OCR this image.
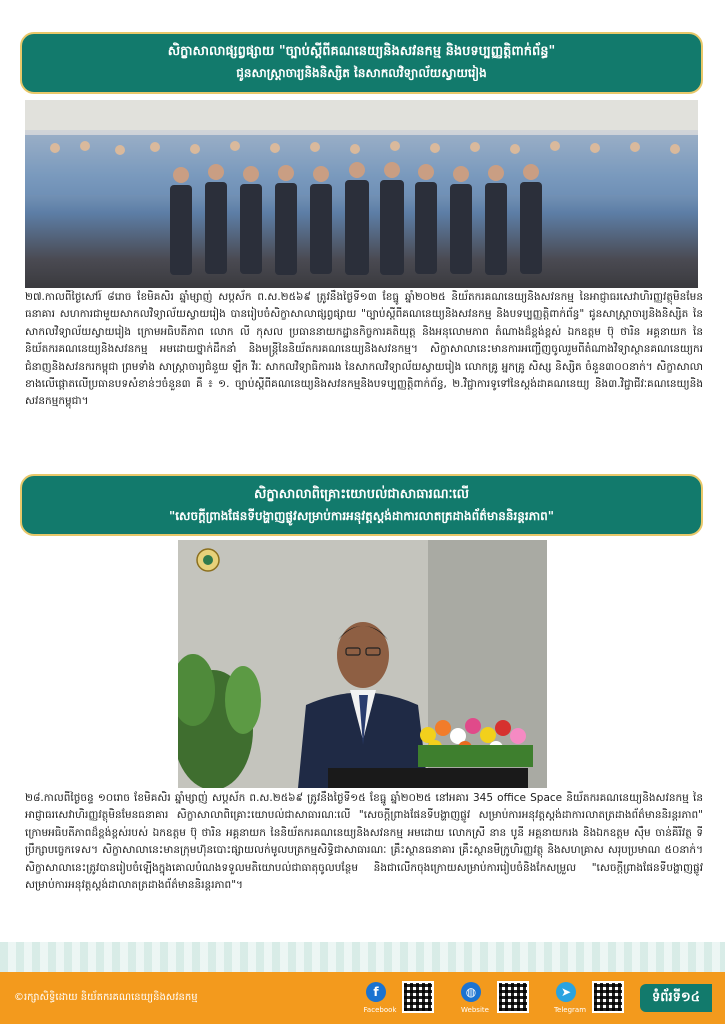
សិក្ខាសាលាផ្សព្វផ្សាយ "ច្បាប់ស្តីពីគណនេយ្យនិងសវនកម្ម និងបទប្បញ្ញត្តិពាក់ព័ន្ធ"
ជូនសាស្ត្រាចារ្យនិងនិស្សិត នៃសាកលវិទ្យាល័យស្វាយរៀង

២៧.កាលពីថ្ងៃសៅរ៍ ៨រោច ខែមិគសិរ ឆ្នាំម្សាញ់ សប្តស័ក ព.ស.២៥៦៩ ត្រូវនឹងថ្ងៃទី១៣ ខែធ្នូ ឆ្នាំ២០២៥ និយ័តករគណនេយ្យនិងសវនកម្ម នៃអាជ្ញាធរសេវាហិរញ្ញវត្ថុមិនមែនធនាគារ សហការជាមួយសាកលវិទ្យាល័យស្វាយរៀង បានរៀបចំសិក្ខាសាលាផ្សព្វផ្សាយ "ច្បាប់ស្តីពីគណនេយ្យនិងសវនកម្ម និងបទប្បញ្ញត្តិពាក់ព័ន្ធ" ជូនសាស្ត្រាចារ្យនិងនិស្សិត នៃសាកលវិទ្យាល័យស្វាយរៀង ក្រោមអធិបតីភាព លោក លី កុសល ប្រធាននាយកដ្ឋានកិច្ចការគតិយុត្ត និងអនុលោមភាព តំណាងដ៏ខ្ពង់ខ្ពស់ ឯកឧត្តម ប៊ុ ថារិន អគ្គនាយក នៃនិយ័តករគណនេយ្យនិងសវនកម្ម អមដោយថ្នាក់ដឹកនាំ និងមន្ត្រីនៃនិយ័តករគណនេយ្យនិងសវនកម្ម។ សិក្ខាសាលានេះមានការអញ្ជើញចូលរួមពីតំណាងវិទ្យាស្ថានគណនេយ្យករជំនាញនិងសវនករកម្ពុជា ព្រមទាំង សាស្ត្រាចារ្យជំនួយ ឡឹក វីរៈ សាកលវិទ្យាធិការរង នៃសាកលវិទ្យាល័យស្វាយរៀង លោកគ្រូ អ្នកគ្រូ សិស្ស និស្សិត ចំនួន៣០០នាក់។ សិក្ខាសាលាខាងលើផ្តោតលើប្រធានបទសំខាន់ៗចំនួន៣ គឺ ៖ ១. ច្បាប់ស្តីពីគណនេយ្យនិងសវនកម្មនិងបទប្បញ្ញត្តិពាក់ព័ន្ធ, ២.វិជ្ជាការទូទៅនៃស្តង់ដាគណនេយ្យ និង៣.វិជ្ជាជីវៈគណនេយ្យនិងសវនកម្មកម្ពុជា។

សិក្ខាសាលាពិគ្រោះយោបល់ជាសាធារណៈលើ
"សេចក្តីព្រាងផែនទីបង្ហាញផ្លូវសម្រាប់ការអនុវត្តស្តង់ដាការលាតត្រដាងព័ត៌មាននិរន្តរភាព"

២៨.កាលពីថ្ងៃចន្ទ ១០រោច ខែមិគសិរ ឆ្នាំម្សាញ់ សប្តស័ក ព.ស.២៥៦៩ ត្រូវនឹងថ្ងៃទី១៥ ខែធ្នូ ឆ្នាំ២០២៥ នៅអគារ 345 office Space និយ័តករគណនេយ្យនិងសវនកម្ម នៃអាជ្ញាធរសេវាហិរញ្ញវត្ថុមិនមែនធនាគារ សិក្ខាសាលាពិគ្រោះយោបល់ជាសាធារណៈលើ "សេចក្តីព្រាងផែនទីបង្ហាញផ្លូវ សម្រាប់ការអនុវត្តស្តង់ដាការលាតត្រដាងព័ត៌មាននិរន្តរភាព" ក្រោមអធិបតីភាពដ៏ខ្ពង់ខ្ពស់របស់ ឯកឧត្តម ប៊ុ ថារិន អគ្គនាយក នៃនិយ័តករគណនេយ្យនិងសវនកម្ម អមដោយ លោកស្រី នាន បូនី អគ្គនាយករង និងឯកឧត្តម ស៊ឹម ចាន់គីរីវត្ថ ទីប្រឹក្សាបច្ចេកទេស។ សិក្ខាសាលានេះមានក្រុមហ៊ុនបោះផ្សាយលក់មូលបត្រកម្មសិទ្ធិជាសាធារណៈ គ្រឹះស្ថានធនាគារ គ្រឹះស្ថានមីក្រូហិរញ្ញវត្ថុ និងសហគ្រាស សរុបប្រមាណ ៥០នាក់។ សិក្ខាសាលានេះត្រូវបានរៀបចំឡើងក្នុងគោលបំណងទទួលមតិយោបល់ជាធាតុចូលបន្ថែម និងជាលើកចុងក្រោយសម្រាប់ការរៀបចំនិងកែសម្រួល "សេចក្តីព្រាងផែនទីបង្ហាញផ្លូវសម្រាប់ការអនុវត្តស្តង់ដាលាតត្រដាងព័ត៌មាននិរន្តរភាព"។

©រក្សាសិទ្ធិដោយ និយ័តករគណនេយ្យនិងសវនកម្ម	f
Facebook
◍
Website
➤
Telegram
ទំព័រទី១៤
